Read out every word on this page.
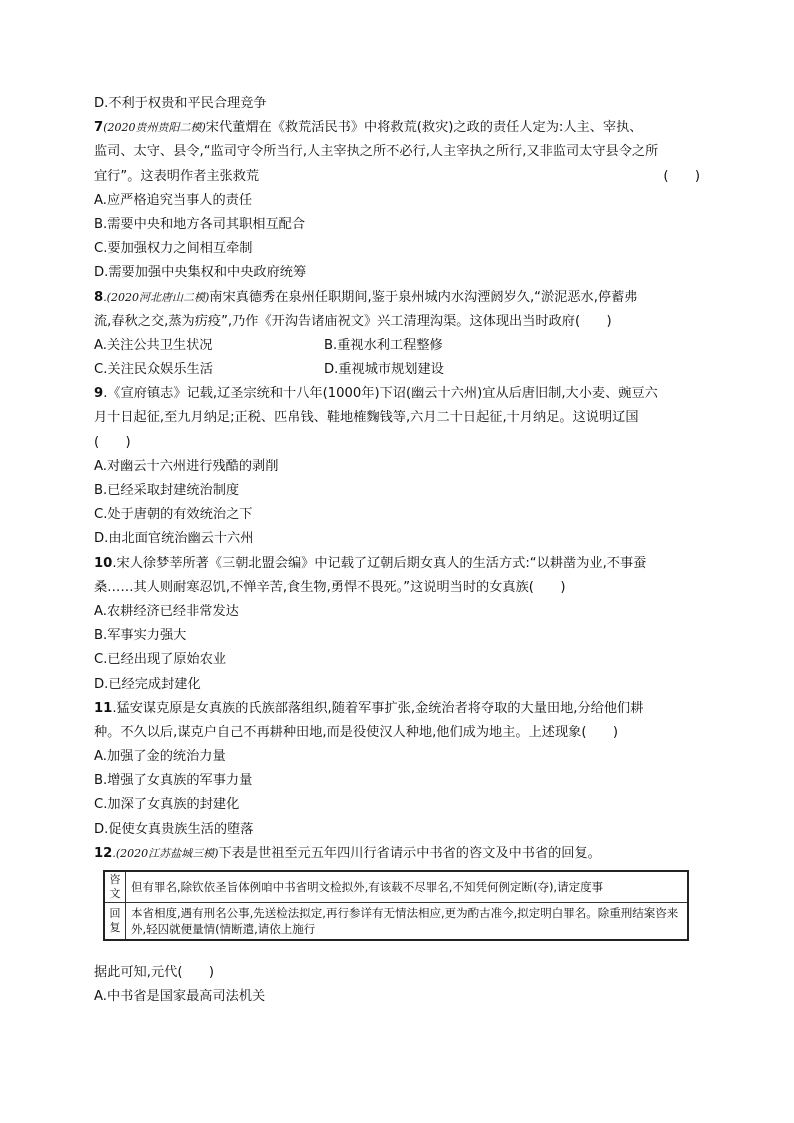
D.不利于权贵和平民合理竞争
7(2020贵州贵阳二模)宋代董煟在《救荒活民书》中将救荒(救灾)之政的责任人定为:人主、宰执、
监司、太守、县令,“监司守令所当行,人主宰执之所不必行,人主宰执之所行,又非监司太守县令之所
宜行”。这表明作者主张救荒	(　　)
A.应严格追究当事人的责任
B.需要中央和地方各司其职相互配合
C.要加强权力之间相互牵制
D.需要加强中央集权和中央政府统筹
8.(2020河北唐山二模)南宋真德秀在泉州任职期间,鉴于泉州城内水沟湮阏岁久,“淤泥恶水,停蓄弗
流,春秋之交,蒸为疠疫”,乃作《开沟告诸庙祝文》兴工清理沟渠。这体现出当时政府(　　)
A.关注公共卫生状况	B.重视水利工程整修
C.关注民众娱乐生活	D.重视城市规划建设
9.《宣府镇志》记载,辽圣宗统和十八年(1000年)下诏(幽云十六州)宜从后唐旧制,大小麦、豌豆六
月十日起征,至九月纳足;正税、匹帛钱、鞋地榷麴钱等,六月二十日起征,十月纳足。这说明辽国
(　　)
A.对幽云十六州进行残酷的剥削
B.已经采取封建统治制度
C.处于唐朝的有效统治之下
D.由北面官统治幽云十六州
10.宋人徐梦莘所著《三朝北盟会编》中记载了辽朝后期女真人的生活方式:“以耕凿为业,不事蚕
桑……其人则耐寒忍饥,不惮辛苦,食生物,勇悍不畏死。”这说明当时的女真族(　　)
A.农耕经济已经非常发达
B.军事实力强大
C.已经出现了原始农业
D.已经完成封建化
11.猛安谋克原是女真族的氏族部落组织,随着军事扩张,金统治者将夺取的大量田地,分给他们耕
种。不久以后,谋克户自己不再耕种田地,而是役使汉人种地,他们成为地主。上述现象(　　)
A.加强了金的统治力量
B.增强了女真族的军事力量
C.加深了女真族的封建化
D.促使女真贵族生活的堕落
12.(2020江苏盐城三模)下表是世祖至元五年四川行省请示中书省的咨文及中书省的回复。
咨文	但有罪名,除钦依圣旨体例咱中书省明文检拟外,有该载不尽罪名,不知凭何例定断(夺),请定度事
回复	本省相度,遇有刑名公事,先送检法拟定,再行参详有无情法相应,更为酌古准今,拟定明白罪名。除重刑结案咨来外,轻囚就便量情(情断遣,请依上施行
据此可知,元代(　　)
A.中书省是国家最高司法机关
